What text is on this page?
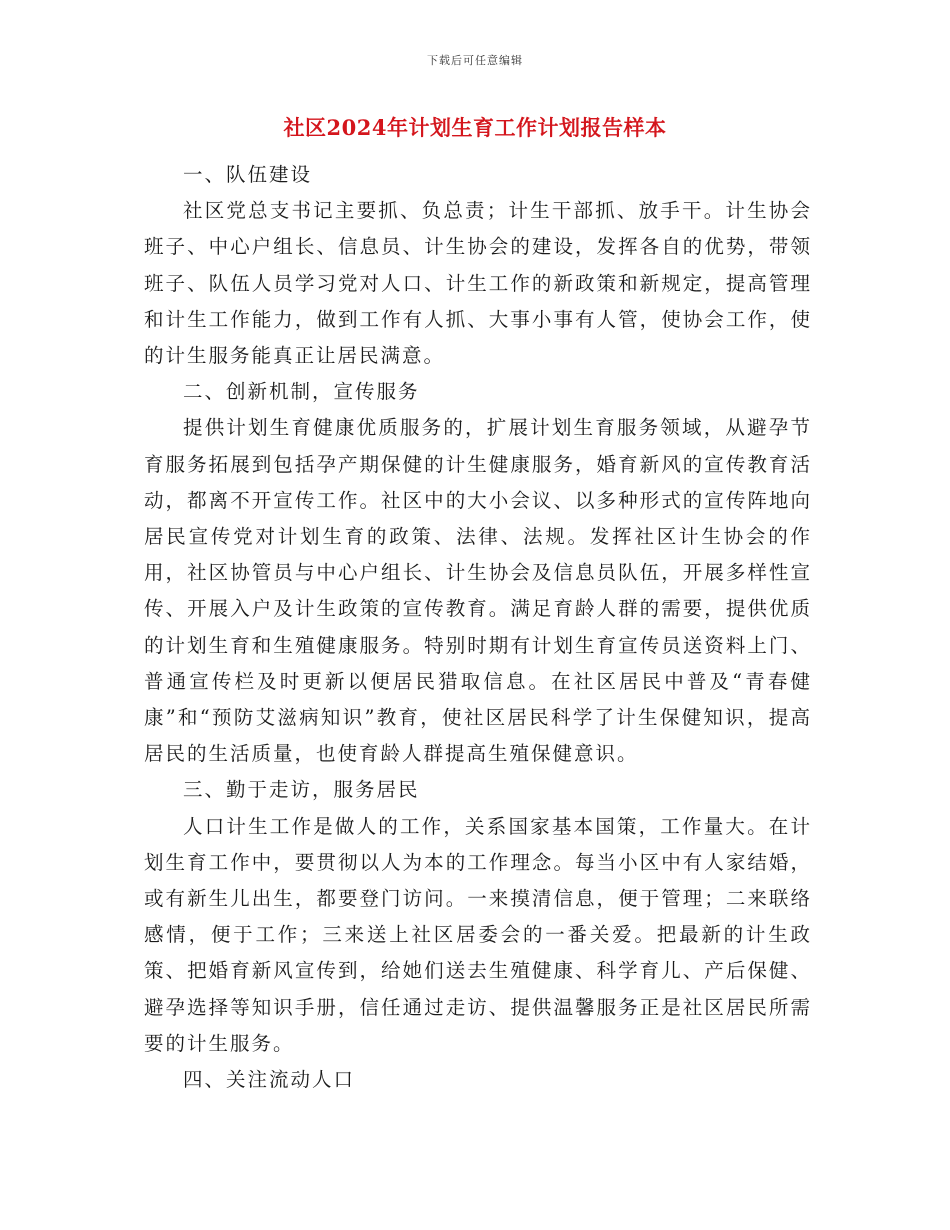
下载后可任意编辑
社区2024年计划生育工作计划报告样本

一、队伍建设

社区党总支书记主要抓、负总责；计生干部抓、放手干。计生协会班子、中心户组长、信息员、计生协会的建设，发挥各自的优势，带领班子、队伍人员学习党对人口、计生工作的新政策和新规定，提高管理和计生工作能力，做到工作有人抓、大事小事有人管，使协会工作，使的计生服务能真正让居民满意。

二、创新机制，宣传服务

提供计划生育健康优质服务的，扩展计划生育服务领域，从避孕节育服务拓展到包括孕产期保健的计生健康服务，婚育新风的宣传教育活动，都离不开宣传工作。社区中的大小会议、以多种形式的宣传阵地向居民宣传党对计划生育的政策、法律、法规。发挥社区计生协会的作用，社区协管员与中心户组长、计生协会及信息员队伍，开展多样性宣传、开展入户及计生政策的宣传教育。满足育龄人群的需要，提供优质的计划生育和生殖健康服务。特别时期有计划生育宣传员送资料上门、普通宣传栏及时更新以便居民猎取信息。在社区居民中普及“青春健康”和“预防艾滋病知识”教育，使社区居民科学了计生保健知识，提高居民的生活质量，也使育龄人群提高生殖保健意识。

三、勤于走访，服务居民

人口计生工作是做人的工作，关系国家基本国策，工作量大。在计划生育工作中，要贯彻以人为本的工作理念。每当小区中有人家结婚，或有新生儿出生，都要登门访问。一来摸清信息，便于管理；二来联络感情，便于工作；三来送上社区居委会的一番关爱。把最新的计生政策、把婚育新风宣传到，给她们送去生殖健康、科学育儿、产后保健、避孕选择等知识手册，信任通过走访、提供温馨服务正是社区居民所需要的计生服务。

四、关注流动人口
